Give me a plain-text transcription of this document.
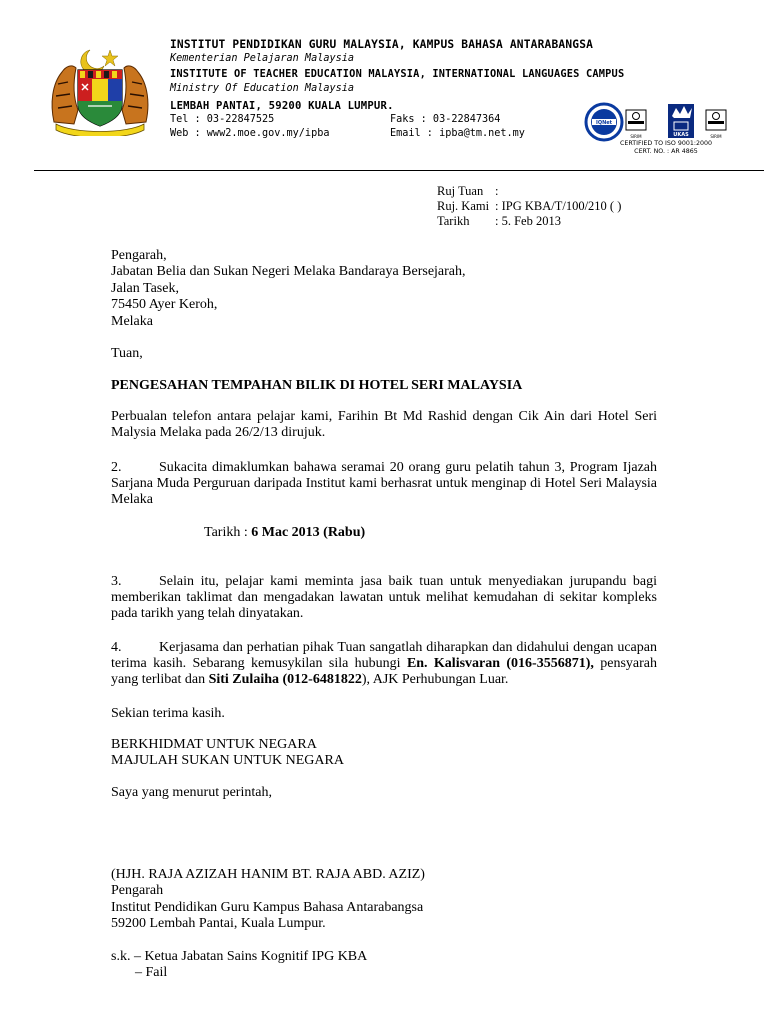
INSTITUT PENDIDIKAN GURU MALAYSIA, KAMPUS BAHASA ANTARABANGSA
Kementerian Pelajaran Malaysia
INSTITUTE OF TEACHER EDUCATION MALAYSIA, INTERNATIONAL LANGUAGES CAMPUS
Ministry Of Education Malaysia
LEMBAH PANTAI, 59200 KUALA LUMPUR.
Tel : 03-22847525	Faks : 03-22847364
Web : www2.moe.gov.my/ipba	Email : ipba@tm.net.my
IQNet
SIRIM	UKAS	SIRIM
CERTIFIED TO ISO 9001:2000
CERT. NO. : AR 4865
Ruj Tuan :
Ruj. Kami : IPG KBA/T/100/210 ( )
Tarikh : 5. Feb 2013
Pengarah,
Jabatan Belia dan Sukan Negeri Melaka Bandaraya Bersejarah,
Jalan Tasek,
75450 Ayer Keroh,
Melaka
Tuan,
PENGESAHAN TEMPAHAN BILIK DI HOTEL SERI MALAYSIA
Perbualan telefon antara pelajar kami, Farihin Bt Md Rashid dengan Cik Ain dari Hotel Seri Malysia Melaka pada 26/2/13 dirujuk.
2.	Sukacita dimaklumkan bahawa seramai 20 orang guru pelatih tahun 3, Program Ijazah Sarjana Muda Perguruan daripada Institut kami berhasrat untuk menginap di Hotel Seri Malaysia Melaka
Tarikh : 6 Mac 2013 (Rabu)
3.	Selain itu, pelajar kami meminta jasa baik tuan untuk menyediakan jurupandu bagi memberikan taklimat dan mengadakan lawatan untuk melihat kemudahan di sekitar kompleks pada tarikh yang telah dinyatakan.
4.	Kerjasama dan perhatian pihak Tuan sangatlah diharapkan dan didahului dengan ucapan terima kasih. Sebarang kemusykilan sila hubungi En. Kalisvaran (016-3556871), pensyarah yang terlibat dan Siti Zulaiha (012-6481822), AJK Perhubungan Luar.
Sekian terima kasih.
BERKHIDMAT UNTUK NEGARA
MAJULAH SUKAN UNTUK NEGARA
Saya yang menurut perintah,
(HJH. RAJA AZIZAH HANIM BT. RAJA ABD. AZIZ)
Pengarah
Institut Pendidikan Guru Kampus Bahasa Antarabangsa
59200 Lembah Pantai, Kuala Lumpur.
s.k. – Ketua Jabatan Sains Kognitif IPG KBA
– Fail
